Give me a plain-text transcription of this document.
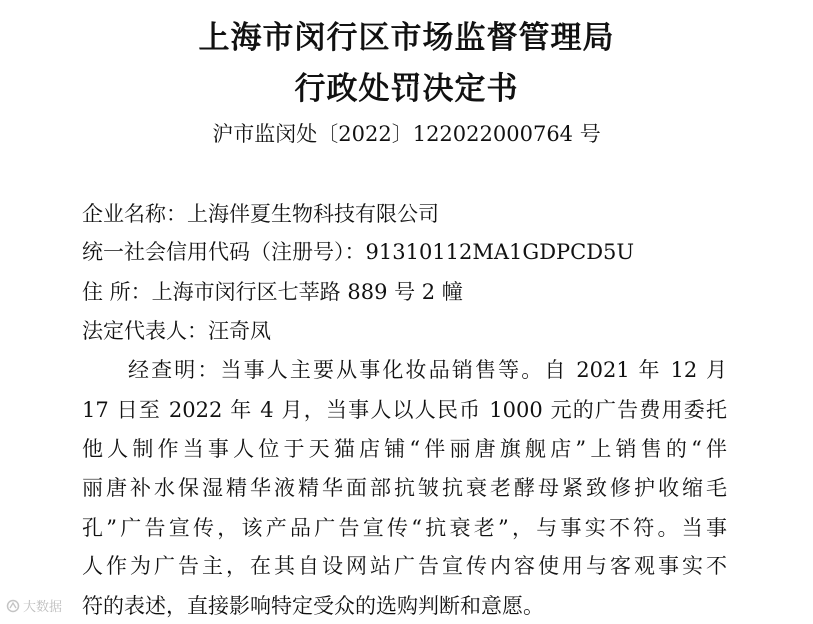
上海市闵行区市场监督管理局
行政处罚决定书
沪市监闵处〔2022〕122022000764 号
企业名称：上海伴夏生物科技有限公司
统一社会信用代码（注册号）：91310112MA1GDPCD5U
住 所：上海市闵行区七莘路 889 号 2 幢
法定代表人：汪奇凤
经查明：当事人主要从事化妆品销售等。自 2021 年 12 月
17 日至 2022 年 4 月，当事人以人民币 1000 元的广告费用委托
他人制作当事人位于天猫店铺“伴丽唐旗舰店”上销售的“伴
丽唐补水保湿精华液精华面部抗皱抗衰老酵母紧致修护收缩毛
孔”广告宣传，该产品广告宣传“抗衰老”，与事实不符。当事
人作为广告主，在其自设网站广告宣传内容使用与客观事实不
符的表述，直接影响特定受众的选购判断和意愿。
大数据
